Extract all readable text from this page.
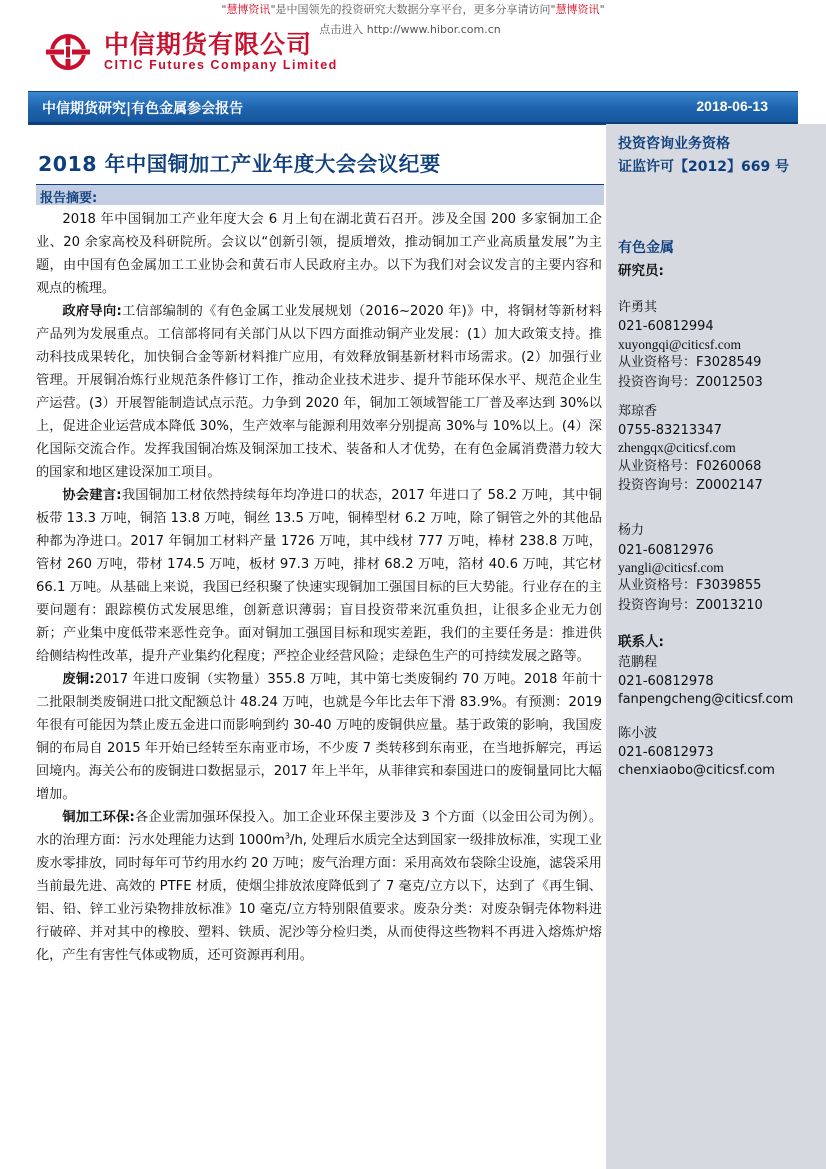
"慧博资讯"是中国领先的投资研究大数据分享平台，更多分享请访问"慧博资讯"
点击进入 http://www.hibor.com.cn
中信期货有限公司
CITIC Futures Company Limited
中信期货研究|有色金属参会报告	2018-06-13
投资咨询业务资格
证监许可【2012】669 号
有色金属
研究员:
许勇其
021-60812994
xuyongqi@citicsf.com
从业资格号：F3028549
投资咨询号：Z0012503
郑琼香
0755-83213347
zhengqx@citicsf.com
从业资格号：F0260068
投资咨询号：Z0002147
杨力
021-60812976
yangli@citicsf.com
从业资格号：F3039855
投资咨询号：Z0013210
联系人:
范鹏程
021-60812978
fanpengcheng@citicsf.com
陈小波
021-60812973
chenxiaobo@citicsf.com
2018 年中国铜加工产业年度大会会议纪要
报告摘要:

2018 年中国铜加工产业年度大会 6 月上旬在湖北黄石召开。涉及全国 200 多家铜加工企业、20 余家高校及科研院所。会议以“创新引领，提质增效，推动铜加工产业高质量发展”为主题，由中国有色金属加工工业协会和黄石市人民政府主办。以下为我们对会议发言的主要内容和观点的梳理。

政府导向:工信部编制的《有色金属工业发展规划（2016~2020 年)》中，将铜材等新材料产品列为发展重点。工信部将同有关部门从以下四方面推动铜产业发展：(1）加大政策支持。推动科技成果转化，加快铜合金等新材料推广应用，有效释放铜基新材料市场需求。(2）加强行业管理。开展铜冶炼行业规范条件修订工作，推动企业技术进步、提升节能环保水平、规范企业生产运营。(3）开展智能制造试点示范。力争到 2020 年，铜加工领域智能工厂普及率达到 30%以上，促进企业运营成本降低 30%，生产效率与能源利用效率分别提高 30%与 10%以上。(4）深化国际交流合作。发挥我国铜冶炼及铜深加工技术、装备和人才优势，在有色金属消费潜力较大的国家和地区建设深加工项目。

协会建言:我国铜加工材依然持续每年均净进口的状态，2017 年进口了 58.2 万吨，其中铜板带 13.3 万吨，铜箔 13.8 万吨，铜丝 13.5 万吨，铜棒型材 6.2 万吨，除了铜管之外的其他品种都为净进口。2017 年铜加工材料产量 1726 万吨，其中线材 777 万吨，棒材 238.8 万吨，管材 260 万吨，带材 174.5 万吨，板材 97.3 万吨，排材 68.2 万吨，箔材 40.6 万吨，其它材 66.1 万吨。从基础上来说，我国已经积聚了快速实现铜加工强国目标的巨大势能。行业存在的主要问题有：跟踪模仿式发展思维，创新意识薄弱；盲目投资带来沉重负担，让很多企业无力创新；产业集中度低带来恶性竞争。面对铜加工强国目标和现实差距，我们的主要任务是：推进供给侧结构性改革，提升产业集约化程度；严控企业经营风险；走绿色生产的可持续发展之路等。

废铜:2017 年进口废铜（实物量）355.8 万吨，其中第七类废铜约 70 万吨。2018 年前十二批限制类废铜进口批文配额总计 48.24 万吨，也就是今年比去年下滑 83.9%。有预测：2019 年很有可能因为禁止废五金进口而影响到约 30-40 万吨的废铜供应量。基于政策的影响，我国废铜的布局自 2015 年开始已经转至东南亚市场，不少废 7 类转移到东南亚，在当地拆解完，再运回境内。海关公布的废铜进口数据显示，2017 年上半年，从菲律宾和泰国进口的废铜量同比大幅增加。

铜加工环保:各企业需加强环保投入。加工企业环保主要涉及 3 个方面（以金田公司为例）。水的治理方面：污水处理能力达到 $1000m^3/h$, 处理后水质完全达到国家一级排放标准，实现工业废水零排放，同时每年可节约用水约 20 万吨；废气治理方面：采用高效布袋除尘设施，滤袋采用当前最先进、高效的 PTFE 材质，使烟尘排放浓度降低到了 7 毫克/立方以下，达到了《再生铜、铝、铅、锌工业污染物排放标准》10 毫克/立方特别限值要求。废杂分类：对废杂铜壳体物料进行破碎、并对其中的橡胶、塑料、铁质、泥沙等分检归类，从而使得这些物料不再进入熔炼炉熔化，产生有害性气体或物质，还可资源再利用。
